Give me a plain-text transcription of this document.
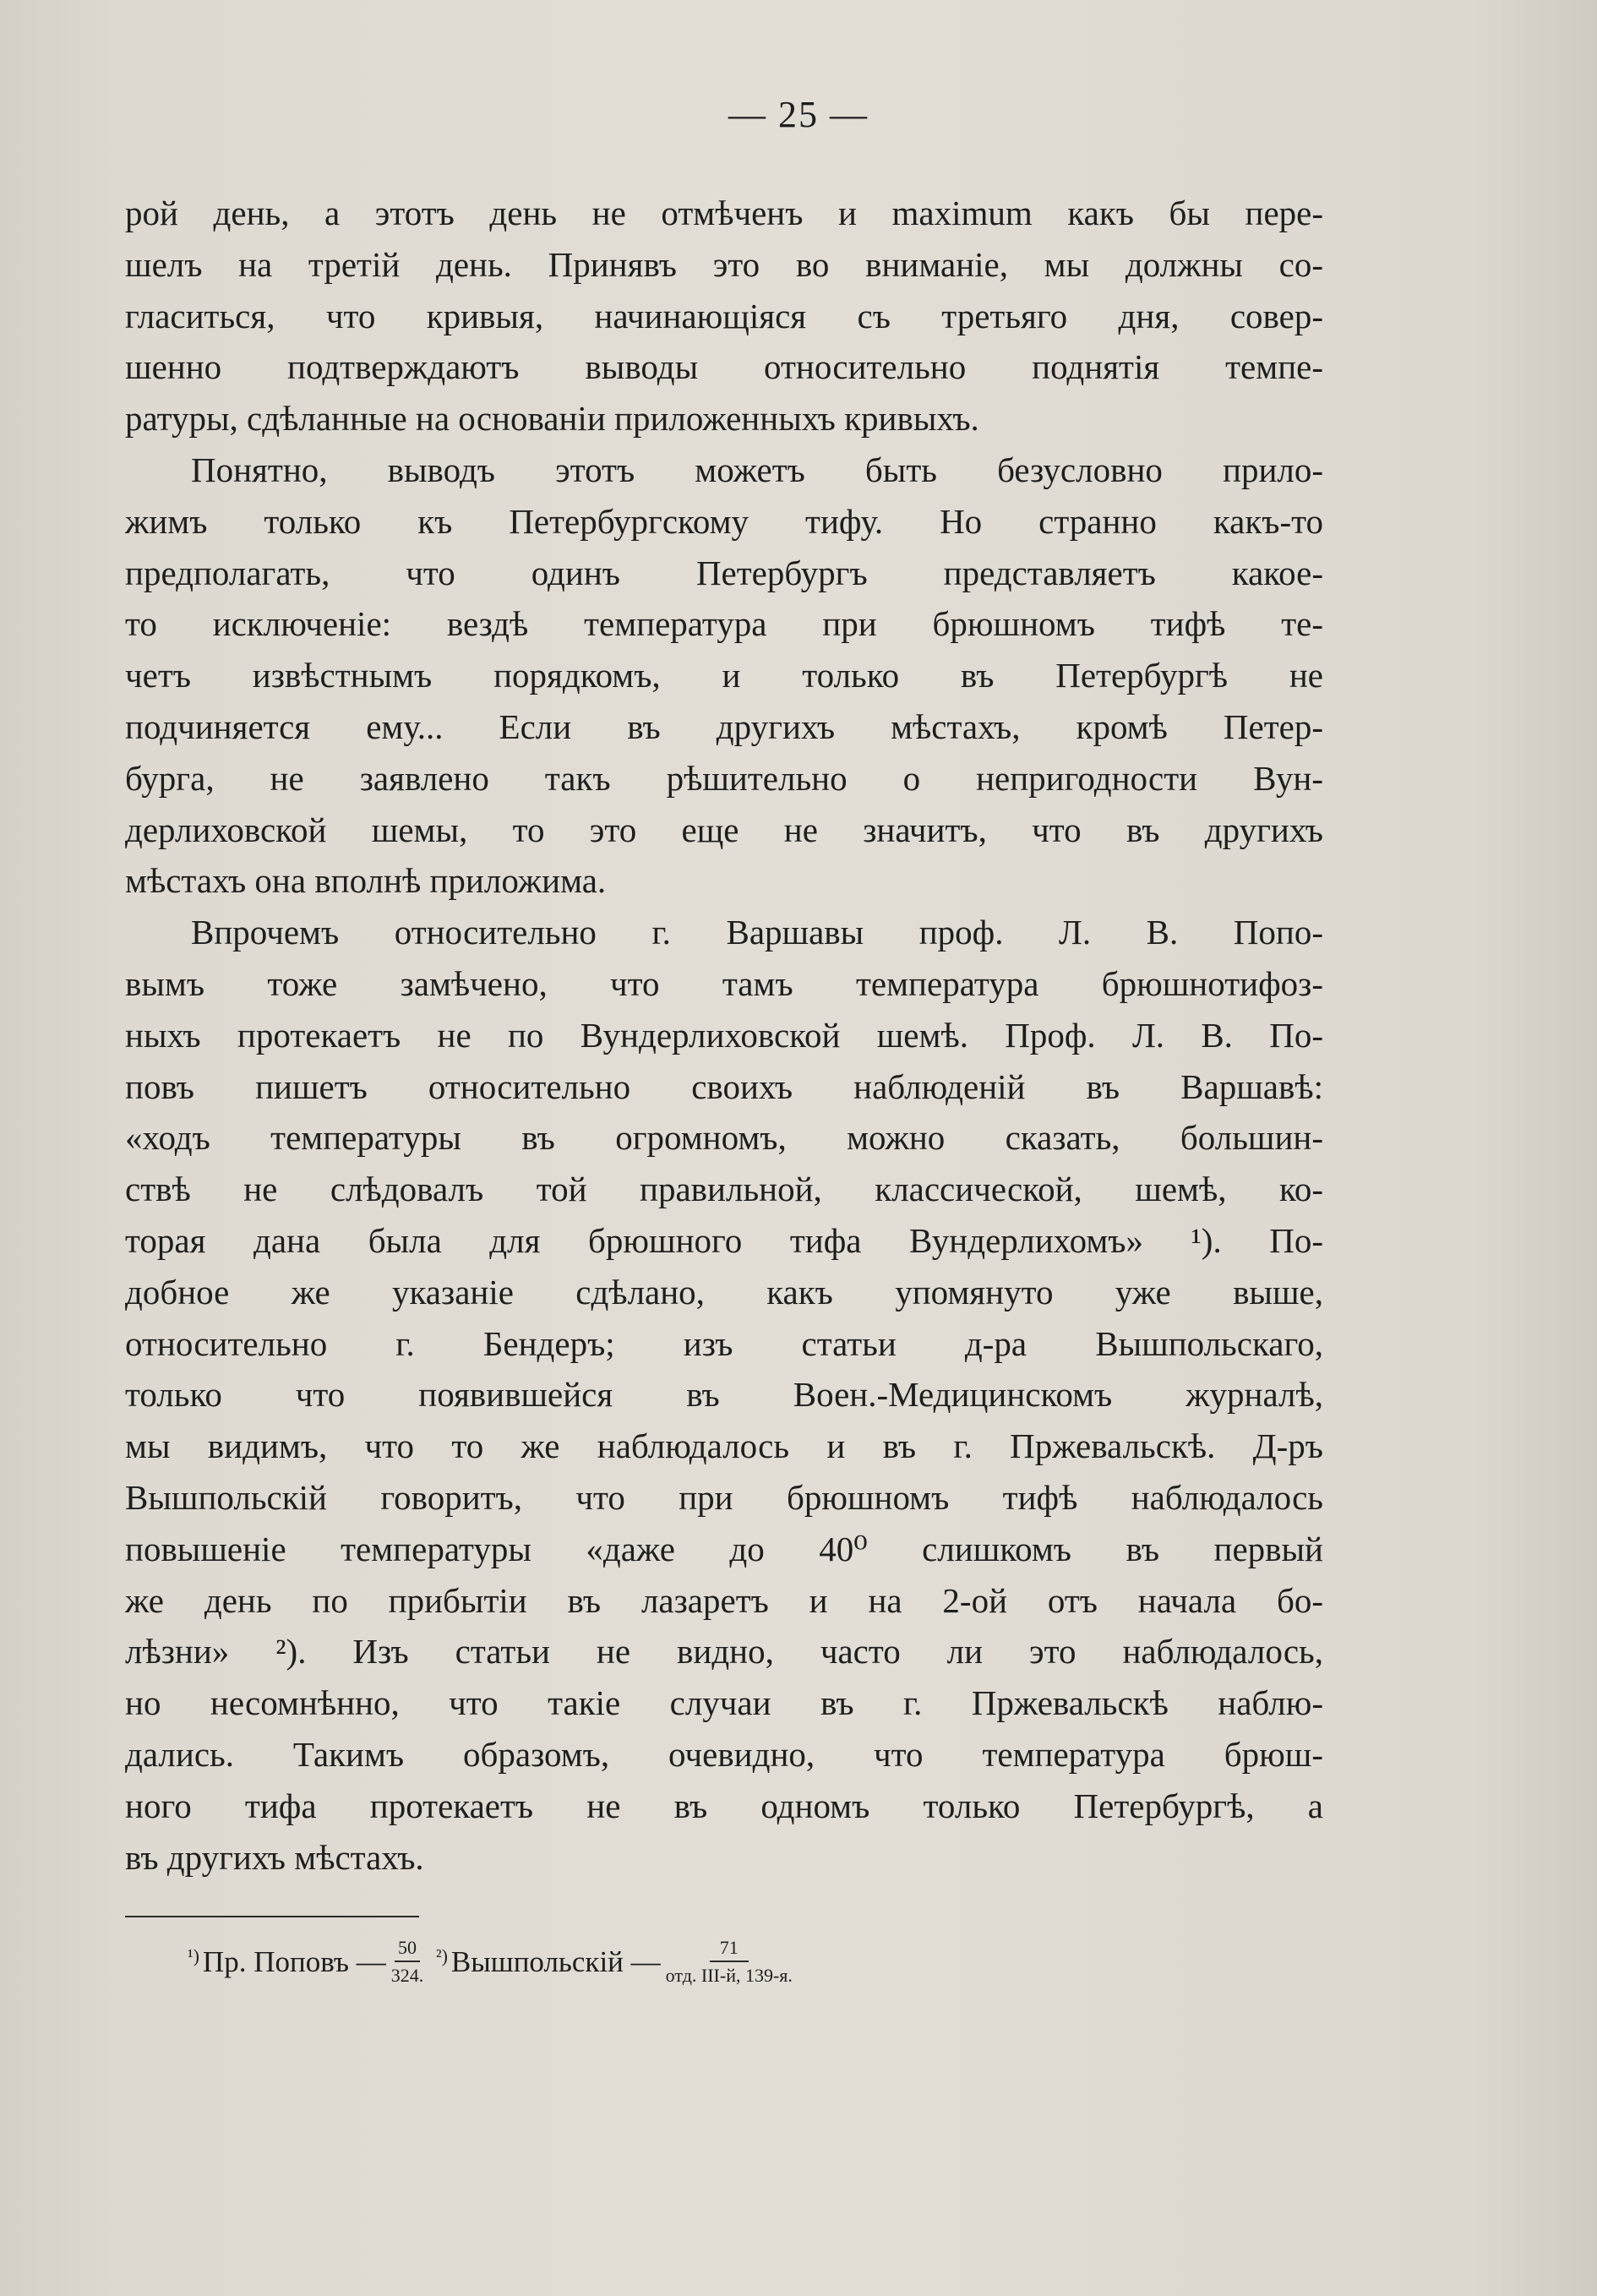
— 25 —
рой день, а этотъ день не отмѣченъ и maximum какъ бы пере-
шелъ на третій день. Принявъ это во вниманіе, мы должны со-
гласиться, что кривыя, начинающіяся съ третьяго дня, совер-
шенно подтверждаютъ выводы относительно поднятія темпе-
ратуры, сдѣланные на основаніи приложенныхъ кривыхъ.
Понятно, выводъ этотъ можетъ быть безусловно прило-
жимъ только къ Петербургскому тифу. Но странно какъ-то
предполагать, что одинъ Петербургъ представляетъ какое-
то исключеніе: вездѣ температура при брюшномъ тифѣ те-
четъ извѣстнымъ порядкомъ, и только въ Петербургѣ не
подчиняется ему... Если въ другихъ мѣстахъ, кромѣ Петер-
бурга, не заявлено такъ рѣшительно о непригодности Вун-
дерлиховской шемы, то это еще не значитъ, что въ другихъ
мѣстахъ она вполнѣ приложима.
Впрочемъ относительно г. Варшавы проф. Л. В. Попо-
вымъ тоже замѣчено, что тамъ температура брюшнотифоз-
ныхъ протекаетъ не по Вундерлиховской шемѣ. Проф. Л. В. По-
повъ пишетъ относительно своихъ наблюденій въ Варшавѣ:
«ходъ температуры въ огромномъ, можно сказать, большин-
ствѣ не слѣдовалъ той правильной, классической, шемѣ, ко-
торая дана была для брюшного тифа Вундерлихомъ» ¹). По-
добное же указаніе сдѣлано, какъ упомянуто уже выше,
относительно г. Бендеръ; изъ статьи д-ра Вышпольскаго,
только что появившейся въ Воен.-Медицинскомъ журналѣ,
мы видимъ, что то же наблюдалось и въ г. Пржевальскѣ. Д-ръ
Вышпольскій говоритъ, что при брюшномъ тифѣ наблюдалось
повышеніе температуры «даже до 40⁰ слишкомъ въ первый
же день по прибытіи въ лазаретъ и на 2-ой отъ начала бо-
лѣзни» ²). Изъ статьи не видно, часто ли это наблюдалось,
но несомнѣнно, что такіе случаи въ г. Пржевальскѣ наблю-
дались. Такимъ образомъ, очевидно, что температура брюш-
ного тифа протекаетъ не въ одномъ только Петербургѣ, а
въ другихъ мѣстахъ.
¹) Пр. Поповъ — $\frac{50}{324.}$
²) Вышпольскій — $\frac{71}{\text{отд. III-й, 139-я.}}$
